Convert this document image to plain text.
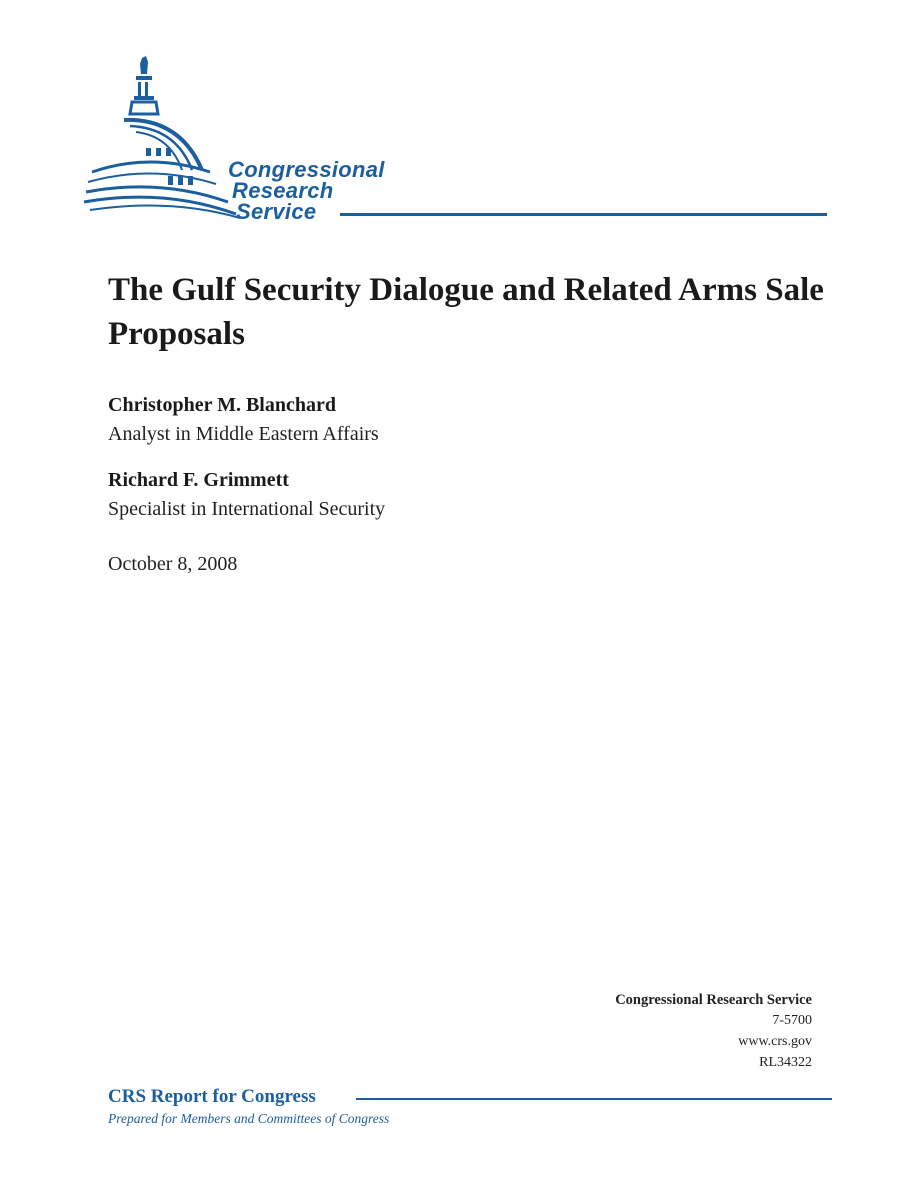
Congressional
Research
Service
The Gulf Security Dialogue and Related Arms Sale Proposals
Christopher M. Blanchard
Analyst in Middle Eastern Affairs
Richard F. Grimmett
Specialist in International Security
October 8, 2008
Congressional Research Service
7-5700
www.crs.gov
RL34322
CRS Report for Congress
Prepared for Members and Committees of Congress
